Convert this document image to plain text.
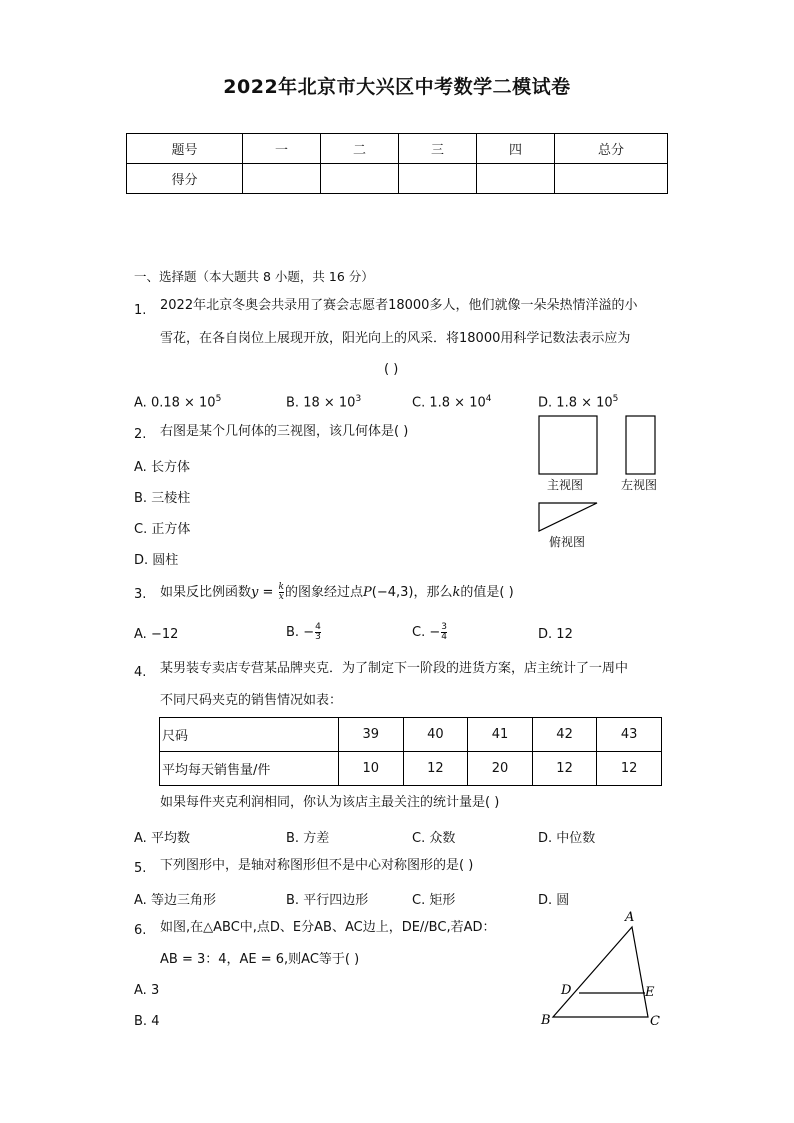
2022年北京市大兴区中考数学二模试卷
题号	一	二	三	四	总分
得分					
一、选择题（本大题共 8 小题，共 16 分）
1. 2022年北京冬奥会共录用了赛会志愿者18000多人，他们就像一朵朵热情洋溢的小
雪花，在各自岗位上展现开放，阳光向上的风采．将18000用科学记数法表示应为
( )
A. $0.18 \times 10^5$	B. $18 \times 10^3$	C. $1.8 \times 10^4$	D. $1.8 \times 10^5$
2. 右图是某个几何体的三视图，该几何体是( )
A. 长方体
B. 三棱柱
C. 正方体
D. 圆柱
主视图	左视图
俯视图
3. 如果反比例函数$y = \frac{k}{x}$ 的图象经过点P(−4,3)，那么k的值是( )
A. −12	B. − $\frac{4}{3}$	C. − $\frac{3}{4}$	D. 12
4. 某男装专卖店专营某品牌夹克．为了制定下一阶段的进货方案，店主统计了一周中
不同尺码夹克的销售情况如表：
尺码	39	40	41	42	43
平均每天销售量/件	10	12	20	12	12
如果每件夹克利润相同，你认为该店主最关注的统计量是( )
A. 平均数	B. 方差	C. 众数	D. 中位数
5. 下列图形中，是轴对称图形但不是中心对称图形的是( )
A. 等边三角形	B. 平行四边形	C. 矩形	D. 圆
6. 如图,在△ABC中,点D、E分AB、AC边上，DE//BC,若AD：
AB = 3：4，AE = 6,则AC等于( )
A. 3
B. 4
A
B	C
D	E
